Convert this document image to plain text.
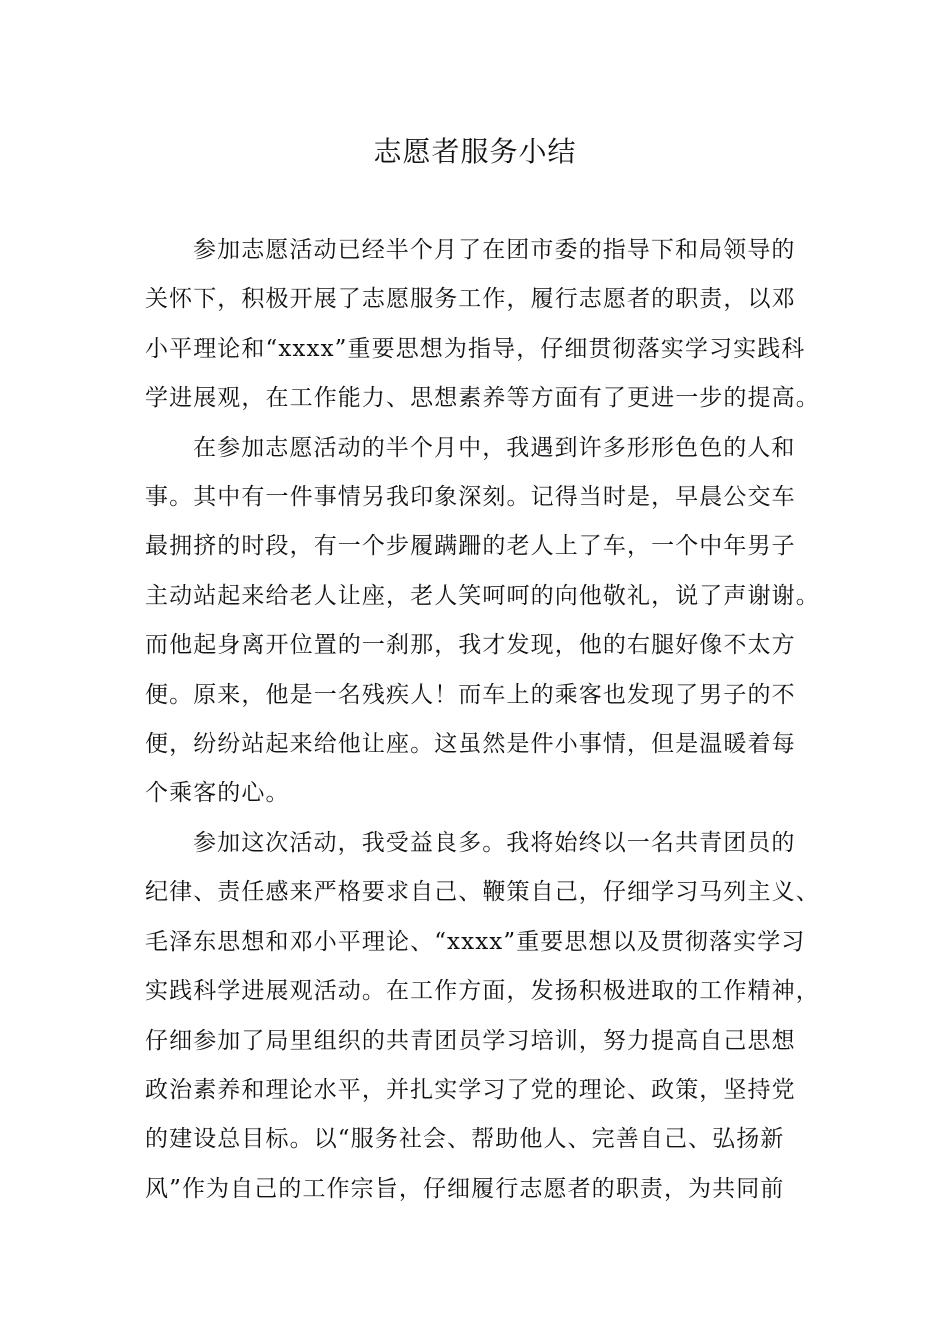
志愿者服务小结
参加志愿活动已经半个月了在团市委的指导下和局领导的
关怀下，积极开展了志愿服务工作，履行志愿者的职责，以邓
小平理论和“xxxx”重要思想为指导，仔细贯彻落实学习实践科
学进展观，在工作能力、思想素养等方面有了更进一步的提高。
在参加志愿活动的半个月中，我遇到许多形形色色的人和
事。其中有一件事情另我印象深刻。记得当时是，早晨公交车
最拥挤的时段，有一个步履蹒跚的老人上了车，一个中年男子
主动站起来给老人让座，老人笑呵呵的向他敬礼，说了声谢谢。
而他起身离开位置的一刹那，我才发现，他的右腿好像不太方
便。原来，他是一名残疾人！而车上的乘客也发现了男子的不
便，纷纷站起来给他让座。这虽然是件小事情，但是温暖着每
个乘客的心。
参加这次活动，我受益良多。我将始终以一名共青团员的
纪律、责任感来严格要求自己、鞭策自己，仔细学习马列主义、
毛泽东思想和邓小平理论、“xxxx”重要思想以及贯彻落实学习
实践科学进展观活动。在工作方面，发扬积极进取的工作精神，
仔细参加了局里组织的共青团员学习培训，努力提高自己思想
政治素养和理论水平，并扎实学习了党的理论、政策，坚持党
的建设总目标。以“服务社会、帮助他人、完善自己、弘扬新
风”作为自己的工作宗旨，仔细履行志愿者的职责，为共同前
